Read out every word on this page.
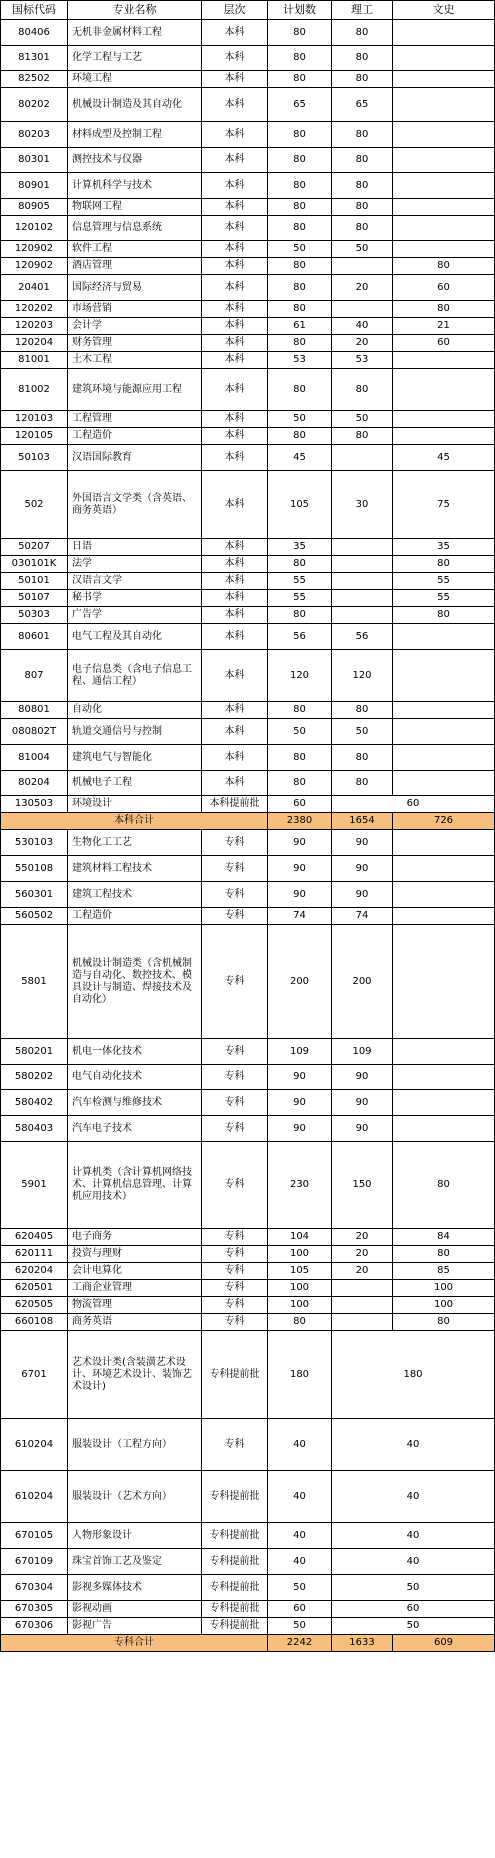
国标代码	专业名称	层次	计划数	理工	文史
80406	无机非金属材料工程	本科	80	80	
81301	化学工程与工艺	本科	80	80	
82502	环境工程	本科	80	80	
80202	机械设计制造及其自动化	本科	65	65	
80203	材料成型及控制工程	本科	80	80	
80301	测控技术与仪器	本科	80	80	
80901	计算机科学与技术	本科	80	80	
80905	物联网工程	本科	80	80	
120102	信息管理与信息系统	本科	80	80	
120902	软件工程	本科	50	50	
120902	酒店管理	本科	80		80
20401	国际经济与贸易	本科	80	20	60
120202	市场营销	本科	80		80
120203	会计学	本科	61	40	21
120204	财务管理	本科	80	20	60
81001	土木工程	本科	53	53	
81002	建筑环境与能源应用工程	本科	80	80	
120103	工程管理	本科	50	50	
120105	工程造价	本科	80	80	
50103	汉语国际教育	本科	45		45
502	外国语言文学类（含英语、商务英语）	本科	105	30	75
50207	日语	本科	35		35
030101K	法学	本科	80		80
50101	汉语言文学	本科	55		55
50107	秘书学	本科	55		55
50303	广告学	本科	80		80
80601	电气工程及其自动化	本科	56	56	
807	电子信息类（含电子信息工程、通信工程）	本科	120	120	
80801	自动化	本科	80	80	
080802T	轨道交通信号与控制	本科	50	50	
81004	建筑电气与智能化	本科	80	80	
80204	机械电子工程	本科	80	80	
130503	环境设计	本科提前批	60	60	
本科合计			2380	1654	726
530103	生物化工工艺	专科	90	90	
550108	建筑材料工程技术	专科	90	90	
560301	建筑工程技术	专科	90	90	
560502	工程造价	专科	74	74	
5801	机械设计制造类（含机械制造与自动化、数控技术、模具设计与制造、焊接技术及自动化）	专科	200	200	
580201	机电一体化技术	专科	109	109	
580202	电气自动化技术	专科	90	90	
580402	汽车检测与维修技术	专科	90	90	
580403	汽车电子技术	专科	90	90	
5901	计算机类（含计算机网络技术、计算机信息管理、计算机应用技术）	专科	230	150	80
620405	电子商务	专科	104	20	84
620111	投资与理财	专科	100	20	80
620204	会计电算化	专科	105	20	85
620501	工商企业管理	专科	100		100
620505	物流管理	专科	100		100
660108	商务英语	专科	80		80
6701	艺术设计类(含装潢艺术设计、环境艺术设计、装饰艺术设计)	专科提前批	180	180	
610204	服装设计（工程方向）	专科	40	40	
610204	服装设计（艺术方向）	专科提前批	40	40	
670105	人物形象设计	专科提前批	40	40	
670109	珠宝首饰工艺及鉴定	专科提前批	40	40	
670304	影视多媒体技术	专科提前批	50	50	
670305	影视动画	专科提前批	60	60	
670306	影视广告	专科提前批	50	50	
专科合计			2242	1633	609
